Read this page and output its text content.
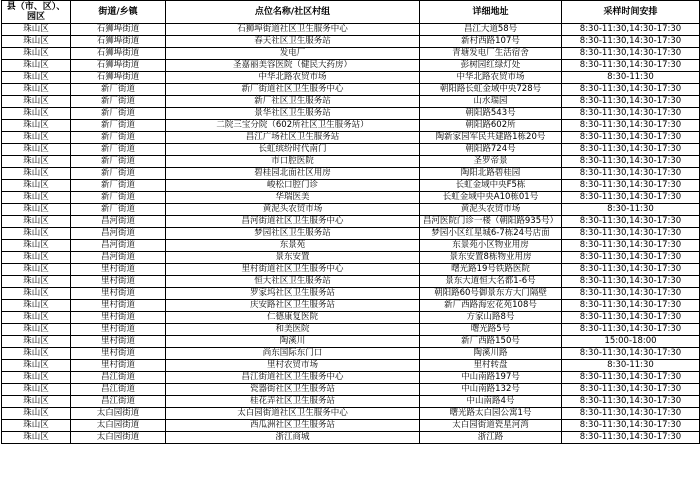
县（市、区）、园区	街道/乡镇	点位名称/社区村组	详细地址	采样时间安排
珠山区	石狮埠街道	石狮埠街道社区卫生服务中心	昌江大道58号	8:30-11:30,14:30-17:30
珠山区	石狮埠街道	春天社区卫生服务站	新村西路107号	8:30-11:30,14:30-17:30
珠山区	石狮埠街道	发电厂	青塘发电厂生活宿舍	8:30-11:30,14:30-17:30
珠山区	石狮埠街道	圣嘉丽美容医院（健民大药房）	彭树园红绿灯处	8:30-11:30,14:30-17:30
珠山区	石狮埠街道	中华北路农贸市场	中华北路农贸市场	8:30-11:30
珠山区	新厂街道	新厂街道社区卫生服务中心	朝阳路长虹金域中央728号	8:30-11:30,14:30-17:30
珠山区	新厂街道	新厂社区卫生服务站	山水瑞园	8:30-11:30,14:30-17:30
珠山区	新厂街道	景华社区卫生服务站	朝阳路543号	8:30-11:30,14:30-17:30
珠山区	新厂街道	二院三宝分院（602所社区卫生服务站）	朝阳路602所	8:30-11:30,14:30-17:30
珠山区	新厂街道	昌江广场社区卫生服务站	陶新家园军民共建路1栋20号	8:30-11:30,14:30-17:30
珠山区	新厂街道	长虹缤纷时代南门	朝阳路724号	8:30-11:30,14:30-17:30
珠山区	新厂街道	市口腔医院	圣罗帝景	8:30-11:30,14:30-17:30
珠山区	新厂街道	碧桂园北面社区用房	陶阳北路碧桂园	8:30-11:30,14:30-17:30
珠山区	新厂街道	峻松口腔门诊	长虹金域中央F5栋	8:30-11:30,14:30-17:30
珠山区	新厂街道	华瑞医美	长虹金域中央A10栋01号	8:30-11:30,14:30-17:30
珠山区	新厂街道	黄泥头农贸市场	黄泥头农贸市场	8:30-11:30
珠山区	昌河街道	昌河街道社区卫生服务中心	昌河医院门诊一楼（朝阳路935号）	8:30-11:30,14:30-17:30
珠山区	昌河街道	梦园社区卫生服务站	梦园小区红星城6-7栋24号店面	8:30-11:30,14:30-17:30
珠山区	昌河街道	东景苑	东景苑小区物业用房	8:30-11:30,14:30-17:30
珠山区	昌河街道	景东安置	景东安置8栋物业用房	8:30-11:30,14:30-17:30
珠山区	里村街道	里村街道社区卫生服务中心	曙光路19号铁路医院	8:30-11:30,14:30-17:30
珠山区	里村街道	恒大社区卫生服务站	景东大道恒大名都1-6号	8:30-11:30,14:30-17:30
珠山区	里村街道	罗家坞社区卫生服务站	朝阳路60号御景东方大门隔壁	8:30-11:30,14:30-17:30
珠山区	里村街道	庆安路社区卫生服务站	新厂西路海宏花苑108号	8:30-11:30,14:30-17:30
珠山区	里村街道	仁德康复医院	方家山路8号	8:30-11:30,14:30-17:30
珠山区	里村街道	和美医院	曙光路5号	8:30-11:30,14:30-17:30
珠山区	里村街道	陶溪川	新厂西路150号	15:00-18:00
珠山区	里村街道	尚东国际东门口	陶溪川路	8:30-11:30,14:30-17:30
珠山区	里村街道	里村农贸市场	里村转盘	8:30-11:30
珠山区	昌江街道	昌江街道社区卫生服务中心	中山南路197号	8:30-11:30,14:30-17:30
珠山区	昌江街道	瓷器街社区卫生服务站	中山南路132号	8:30-11:30,14:30-17:30
珠山区	昌江街道	桂花弄社区卫生服务站	中山南路4号	8:30-11:30,14:30-17:30
珠山区	太白园街道	太白园街道社区卫生服务中心	曙光路太白园公寓1号	8:30-11:30,14:30-17:30
珠山区	太白园街道	西瓜洲社区卫生服务站	太白园街道瓷星河湾	8:30-11:30,14:30-17:30
珠山区	太白园街道	浙江商城	浙江路	8:30-11:30,14:30-17:30
